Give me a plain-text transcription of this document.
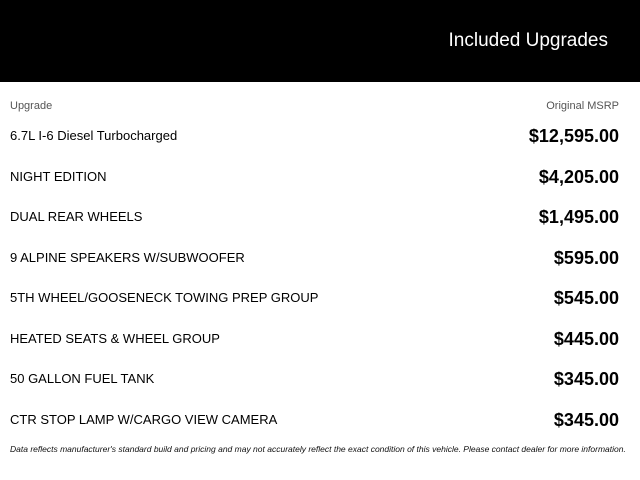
Included Upgrades
Upgrade	Original MSRP
6.7L I-6 Diesel Turbocharged	$12,595.00
NIGHT EDITION	$4,205.00
DUAL REAR WHEELS	$1,495.00
9 ALPINE SPEAKERS W/SUBWOOFER	$595.00
5TH WHEEL/GOOSENECK TOWING PREP GROUP	$545.00
HEATED SEATS & WHEEL GROUP	$445.00
50 GALLON FUEL TANK	$345.00
CTR STOP LAMP W/CARGO VIEW CAMERA	$345.00
Data reflects manufacturer's standard build and pricing and may not accurately reflect the exact condition of this vehicle. Please contact dealer for more information.
